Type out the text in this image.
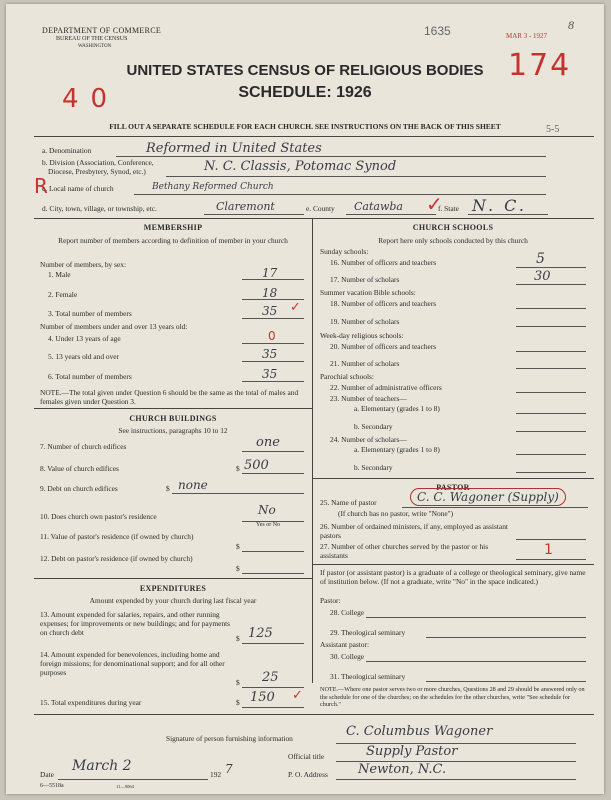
DEPARTMENT OF COMMERCE
BUREAU OF THE CENSUS
WASHINGTON
1635	MAR 3 - 1927
8
174
40
UNITED STATES CENSUS OF RELIGIOUS BODIES
SCHEDULE: 1926
FILL OUT A SEPARATE SCHEDULE FOR EACH CHURCH. SEE INSTRUCTIONS ON THE BACK OF THIS SHEET	5-5
a. Denomination	Reformed in United States
b. Division (Association, Conference,
Diocese, Presbytery, Synod, etc.)	N. C. Classis, Potomac Synod
R
c. Local name of church	Bethany Reformed Church
d. City, town, village, or township, etc.	Claremont	e. County Catawba ✓
f. State N. C.
MEMBERSHIP
Report number of members according to definition of member in your church
Number of members, by sex:
1. Male	17
2. Female	18
3. Total number of members	35 ✓
Number of members under and over 13 years old:
4. Under 13 years of age	0
5. 13 years old and over	35
6. Total number of members	35
NOTE.—The total given under Question 6 should be the same as the total of males and females given under Question 3.
CHURCH BUILDINGS
See instructions, paragraphs 10 to 12
7. Number of church edifices	one
8. Value of church edifices	$ 500
9. Debt on church edifices	$ none
10. Does church own pastor's residence	No
Yes or No
11. Value of pastor's residence (if owned by church)
$
12. Debt on pastor's residence (if owned by church)
$
EXPENDITURES
Amount expended by your church during last fiscal year
13. Amount expended for salaries, repairs, and other running expenses; for improvements or new buildings; and for payments on church debt
$ 125
14. Amount expended for benevolences, including home and foreign missions; for denominational support; and for all other purposes
$ 25
15. Total expenditures during year	$ 150 ✓
CHURCH SCHOOLS
Report here only schools conducted by this church
Sunday schools:
16. Number of officers and teachers	5
17. Number of scholars	30
Summer vacation Bible schools:
18. Number of officers and teachers
19. Number of scholars
Week-day religious schools:
20. Number of officers and teachers
21. Number of scholars
Parochial schools:
22. Number of administrative officers
23. Number of teachers—
a. Elementary (grades 1 to 8)
b. Secondary
24. Number of scholars—
a. Elementary (grades 1 to 8)
b. Secondary
PASTOR
25. Name of pastor
(If church has no pastor, write "None")
C. C. Wagoner (Supply)
26. Number of ordained ministers, if any, employed as assistant pastors
27. Number of other churches served by the pastor or his assistants	1
If pastor (or assistant pastor) is a graduate of a college or theological seminary, give name of institution below. (If not a graduate, write "No" in the space indicated.)
Pastor:
28. College
29. Theological seminary
Assistant pastor:
30. College
31. Theological seminary
NOTE.—Where one pastor serves two or more churches, Questions 28 and 29 should be answered only on the schedule for one of the churches; on the schedules for the other churches, write "See schedule for church."
Signature of person furnishing information	C. Columbus Wagoner
Official title	Supply Pastor
Date
March 2
192 7	P. O. Address Newton, N.C.
6—5518a	11—9064
